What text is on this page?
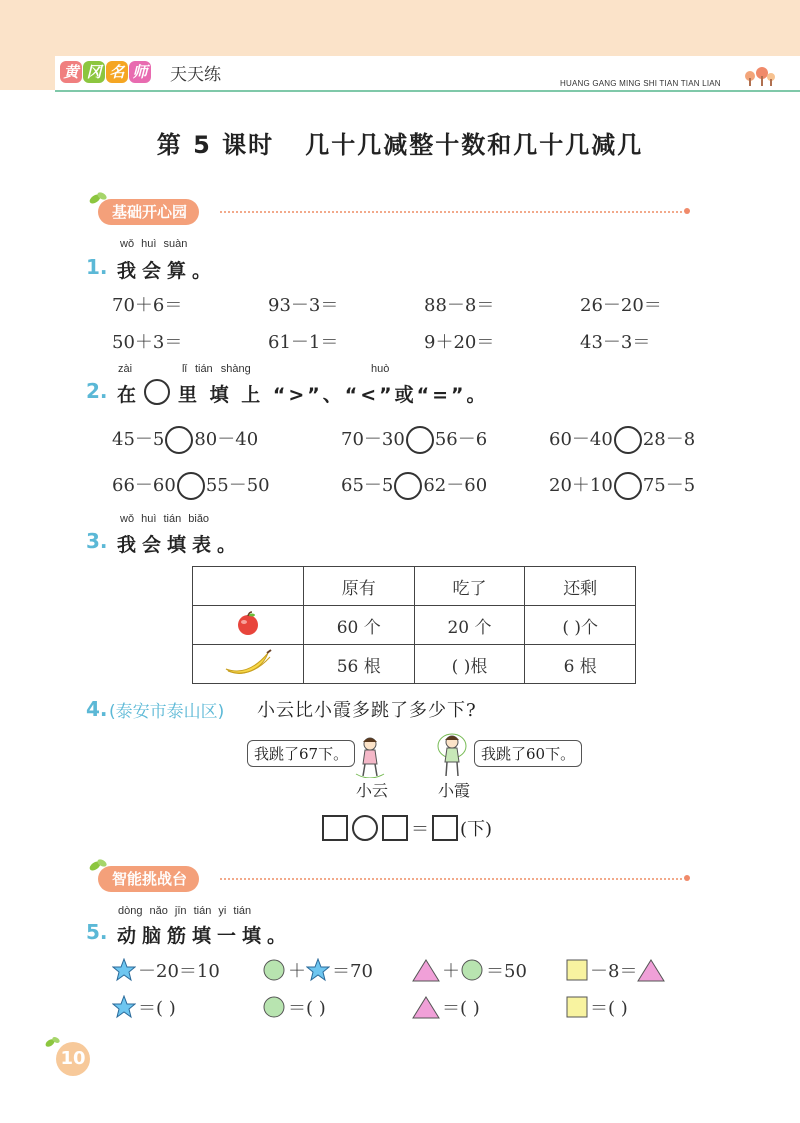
黄 冈 名 师 天天练	HUANG GANG MING SHI TIAN TIAN LIAN
第 5 课时   几十几减整十数和几十几减几
基础开心园
wǒ huì suàn
1. 我会算。
70＋6＝	93－3＝	88－8＝	26－20＝
50＋3＝	61－1＝	9＋20＝	43－3＝
zài	lǐ tián shàng	huò
2. 在 里 填 上 “>”、“<”或“=”。
45－5 80－40	70－30 56－6	60－40 28－8
66－60 55－50	65－5 62－60	20＋10 75－5
wǒ huì tián biǎo
3. 我会填表。
	原有	吃了	还剩
	60 个	20 个	( )个
	56 根	( )根	6 根
4. (泰安市泰山区) 小云比小霞多跳了多少下?
我跳了67下。
小云
我跳了60下。
小霞
＝ (下)
智能挑战台
dòng nǎo jīn tián yi tián
5. 动脑筋填一填。
－20＝10	＋ ＝70	＋ ＝50	－8＝
＝( )	＝( )	＝( )	＝( )
10
